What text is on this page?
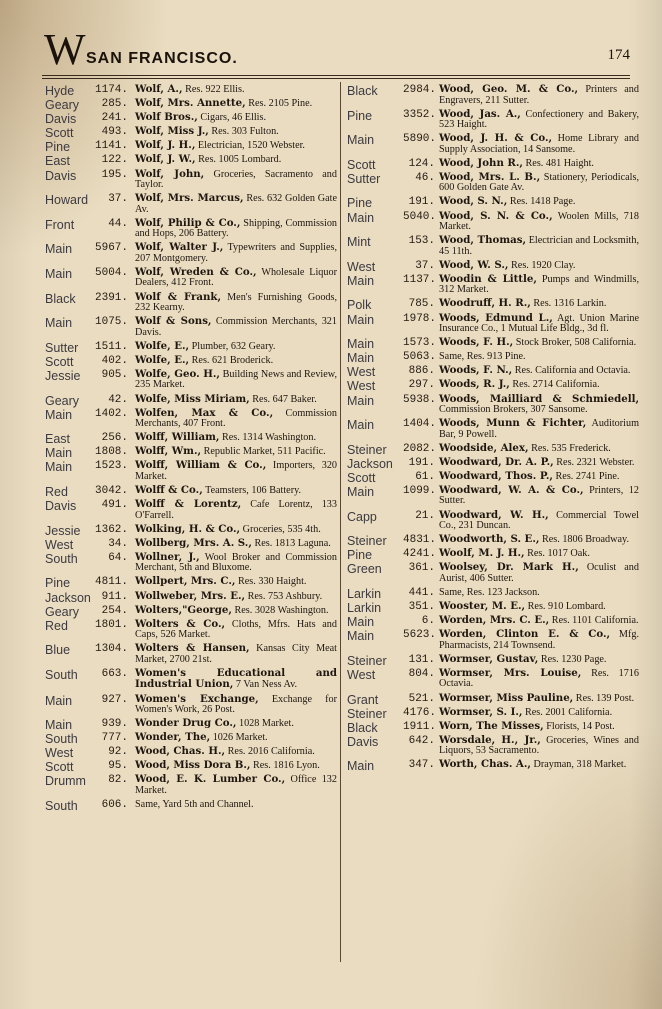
W SAN FRANCISCO.	174
Hyde	1174. Wolf, A., Res. 922 Ellis.
Geary	285. Wolf, Mrs. Annette, Res. 2105 Pine.
Davis	241. Wolf Bros., Cigars, 46 Ellis.
Scott	493. Wolf, Miss J., Res. 303 Fulton.
Pine	1141. Wolf, J. H., Electrician, 1520 Webster.
East	122. Wolf, J. W., Res. 1005 Lombard.
Davis	195. Wolf, John, Groceries, Sacramento and Taylor.
Howard	37. Wolf, Mrs. Marcus, Res. 632 Golden Gate Av.
Front	44. Wolf, Philip & Co., Shipping, Commission and Hops, 206 Battery.
Main	5967. Wolf, Walter J., Typewriters and Supplies, 207 Montgomery.
Main	5004. Wolf, Wreden & Co., Wholesale Liquor Dealers, 412 Front.
Black	2391. Wolf & Frank, Men's Furnishing Goods, 232 Kearny.
Main	1075. Wolf & Sons, Commission Merchants, 321 Davis.
Sutter	1511. Wolfe, E., Plumber, 632 Geary.
Scott	402. Wolfe, E., Res. 621 Broderick.
Jessie	905. Wolfe, Geo. H., Building News and Review, 235 Market.
Geary	42. Wolfe, Miss Miriam, Res. 647 Baker.
Main	1402. Wolfen, Max & Co., Commission Merchants, 407 Front.
East	256. Wolff, William, Res. 1314 Washington.
Main	1808. Wolff, Wm., Republic Market, 511 Pacific.
Main	1523. Wolff, William & Co., Importers, 320 Market.
Red	3042. Wolff & Co., Teamsters, 106 Battery.
Davis	491. Wolff & Lorentz, Cafe Lorentz, 133 O'Farrell.
Jessie	1362. Wolking, H. & Co., Groceries, 535 4th.
West	34. Wollberg, Mrs. A. S., Res. 1813 Laguna.
South	64. Wollner, J., Wool Broker and Commission Merchant, 5th and Bluxome.
Pine	4811. Wollpert, Mrs. C., Res. 330 Haight.
Jackson 911. Wollweber, Mrs. E., Res. 753 Ashbury.
Geary	254. Wolters,"George, Res. 3028 Washington.
Red	1801. Wolters & Co., Cloths, Mfrs. Hats and Caps, 526 Market.
Blue	1304. Wolters & Hansen, Kansas City Meat Market, 2700 21st.
South	663. Women's Educational and Industrial Union, 7 Van Ness Av.
Main	927. Women's Exchange, Exchange for Women's Work, 26 Post.
Main	939. Wonder Drug Co., 1028 Market.
South	777. Wonder, The, 1026 Market.
West	92. Wood, Chas. H., Res. 2016 California.
Scott	95. Wood, Miss Dora B., Res. 1816 Lyon.
Drumm	82. Wood, E. K. Lumber Co., Office 132 Market.
South	606. Same, Yard 5th and Channel.
Black	2984. Wood, Geo. M. & Co., Printers and Engravers, 211 Sutter.
Pine	3352. Wood, Jas. A., Confectionery and Bakery, 523 Haight.
Main	5890. Wood, J. H. & Co., Home Library and Supply Association, 14 Sansome.
Scott	124. Wood, John R., Res. 481 Haight.
Sutter	46. Wood, Mrs. L. B., Stationery, Periodicals, 600 Golden Gate Av.
Pine	191. Wood, S. N., Res. 1418 Page.
Main	5040. Wood, S. N. & Co., Woolen Mills, 718 Market.
Mint	153. Wood, Thomas, Electrician and Locksmith, 45 11th.
West	37. Wood, W. S., Res. 1920 Clay.
Main	1137. Woodin & Little, Pumps and Windmills, 312 Market.
Polk	785. Woodruff, H. R., Res. 1316 Larkin.
Main	1978. Woods, Edmund L., Agt. Union Marine Insurance Co., 1 Mutual Life Bldg., 3d fl.
Main	1573. Woods, F. H., Stock Broker, 508 California.
Main	5063. Same, Res. 913 Pine.
West	886. Woods, F. N., Res. California and Octavia.
West	297. Woods, R. J., Res. 2714 California.
Main	5938. Woods, Mailliard & Schmiedell, Commission Brokers, 307 Sansome.
Main	1404. Woods, Munn & Fichter, Auditorium Bar, 9 Powell.
Steiner	2082. Woodside, Alex, Res. 535 Frederick.
Jackson	191. Woodward, Dr. A. P., Res. 2321 Webster.
Scott	61. Woodward, Thos. P., Res. 2741 Pine.
Main	1099. Woodward, W. A. & Co., Printers, 12 Sutter.
Capp	21. Woodward, W. H., Commercial Towel Co., 231 Duncan.
Steiner	4831. Woodworth, S. E., Res. 1806 Broadway.
Pine	4241. Woolf, M. J. H., Res. 1017 Oak.
Green	361. Woolsey, Dr. Mark H., Oculist and Aurist, 406 Sutter.
Larkin	441. Same, Res. 123 Jackson.
Larkin	351. Wooster, M. E., Res. 910 Lombard.
Main	6. Worden, Mrs. C. E., Res. 1101 California.
Main	5623. Worden, Clinton E. & Co., Mfg. Pharmacists, 214 Townsend.
Steiner	131. Wormser, Gustav, Res. 1230 Page.
West	804. Wormser, Mrs. Louise, Res. 1716 Octavia.
Grant	521. Wormser, Miss Pauline, Res. 139 Post.
Steiner	4176. Wormser, S. I., Res. 2001 California.
Black	1911. Worn, The Misses, Florists, 14 Post.
Davis	642. Worsdale, H., Jr., Groceries, Wines and Liquors, 53 Sacramento.
Main	347. Worth, Chas. A., Drayman, 318 Market.
